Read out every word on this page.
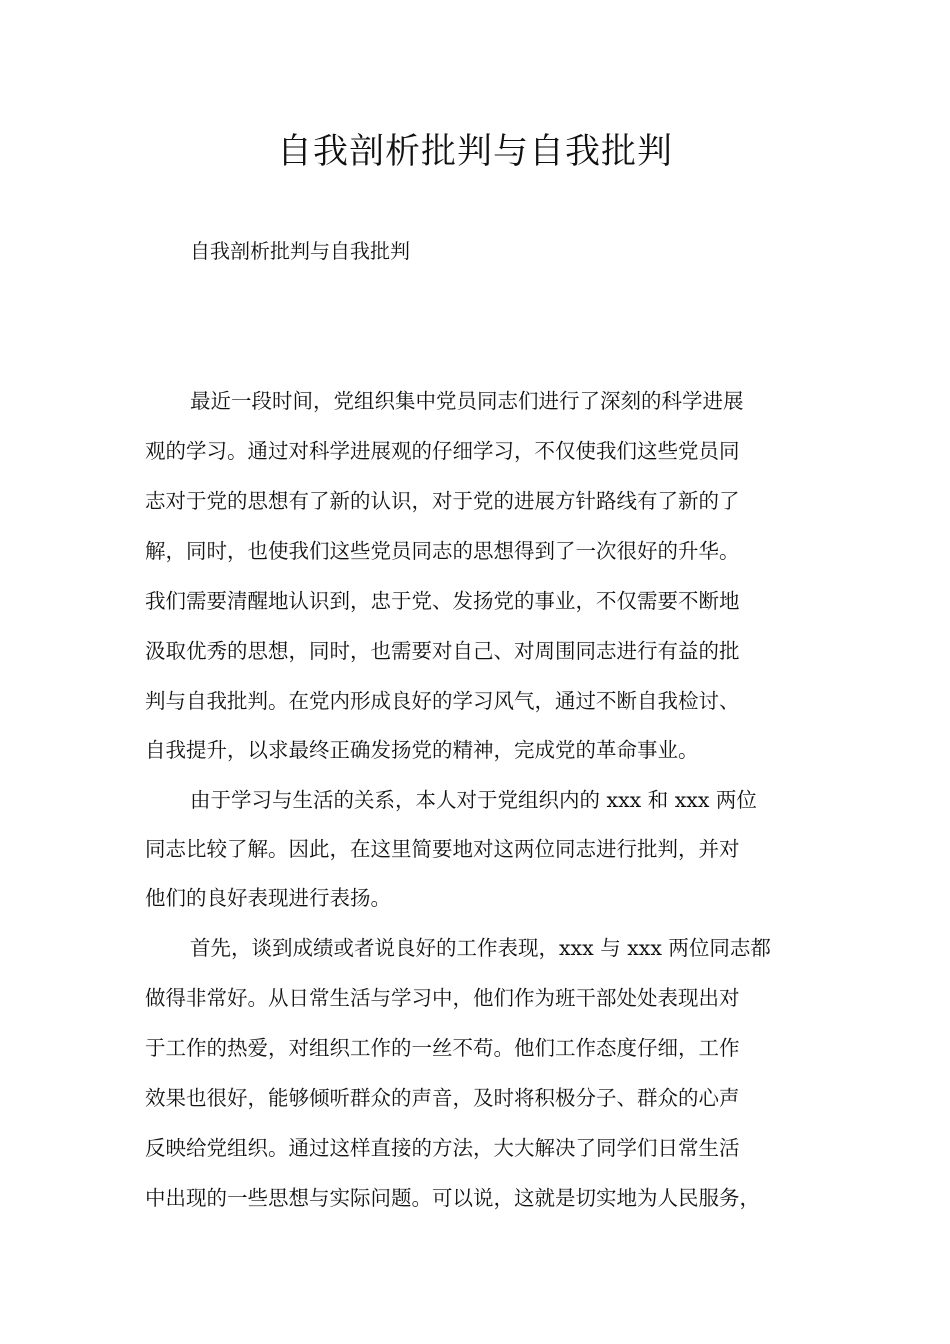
自我剖析批判与自我批判

自我剖析批判与自我批判

最近一段时间，党组织集中党员同志们进行了深刻的科学进展

观的学习。通过对科学进展观的仔细学习，不仅使我们这些党员同

志对于党的思想有了新的认识，对于党的进展方针路线有了新的了

解，同时，也使我们这些党员同志的思想得到了一次很好的升华。

我们需要清醒地认识到，忠于党、发扬党的事业，不仅需要不断地

汲取优秀的思想，同时，也需要对自己、对周围同志进行有益的批

判与自我批判。在党内形成良好的学习风气，通过不断自我检讨、

自我提升，以求最终正确发扬党的精神，完成党的革命事业。

由于学习与生活的关系，本人对于党组织内的 xxx 和 xxx 两位

同志比较了解。因此，在这里简要地对这两位同志进行批判，并对

他们的良好表现进行表扬。

首先，谈到成绩或者说良好的工作表现，xxx 与 xxx 两位同志都

做得非常好。从日常生活与学习中，他们作为班干部处处表现出对

于工作的热爱，对组织工作的一丝不苟。他们工作态度仔细，工作

效果也很好，能够倾听群众的声音，及时将积极分子、群众的心声

反映给党组织。通过这样直接的方法，大大解决了同学们日常生活

中出现的一些思想与实际问题。可以说，这就是切实地为人民服务，
